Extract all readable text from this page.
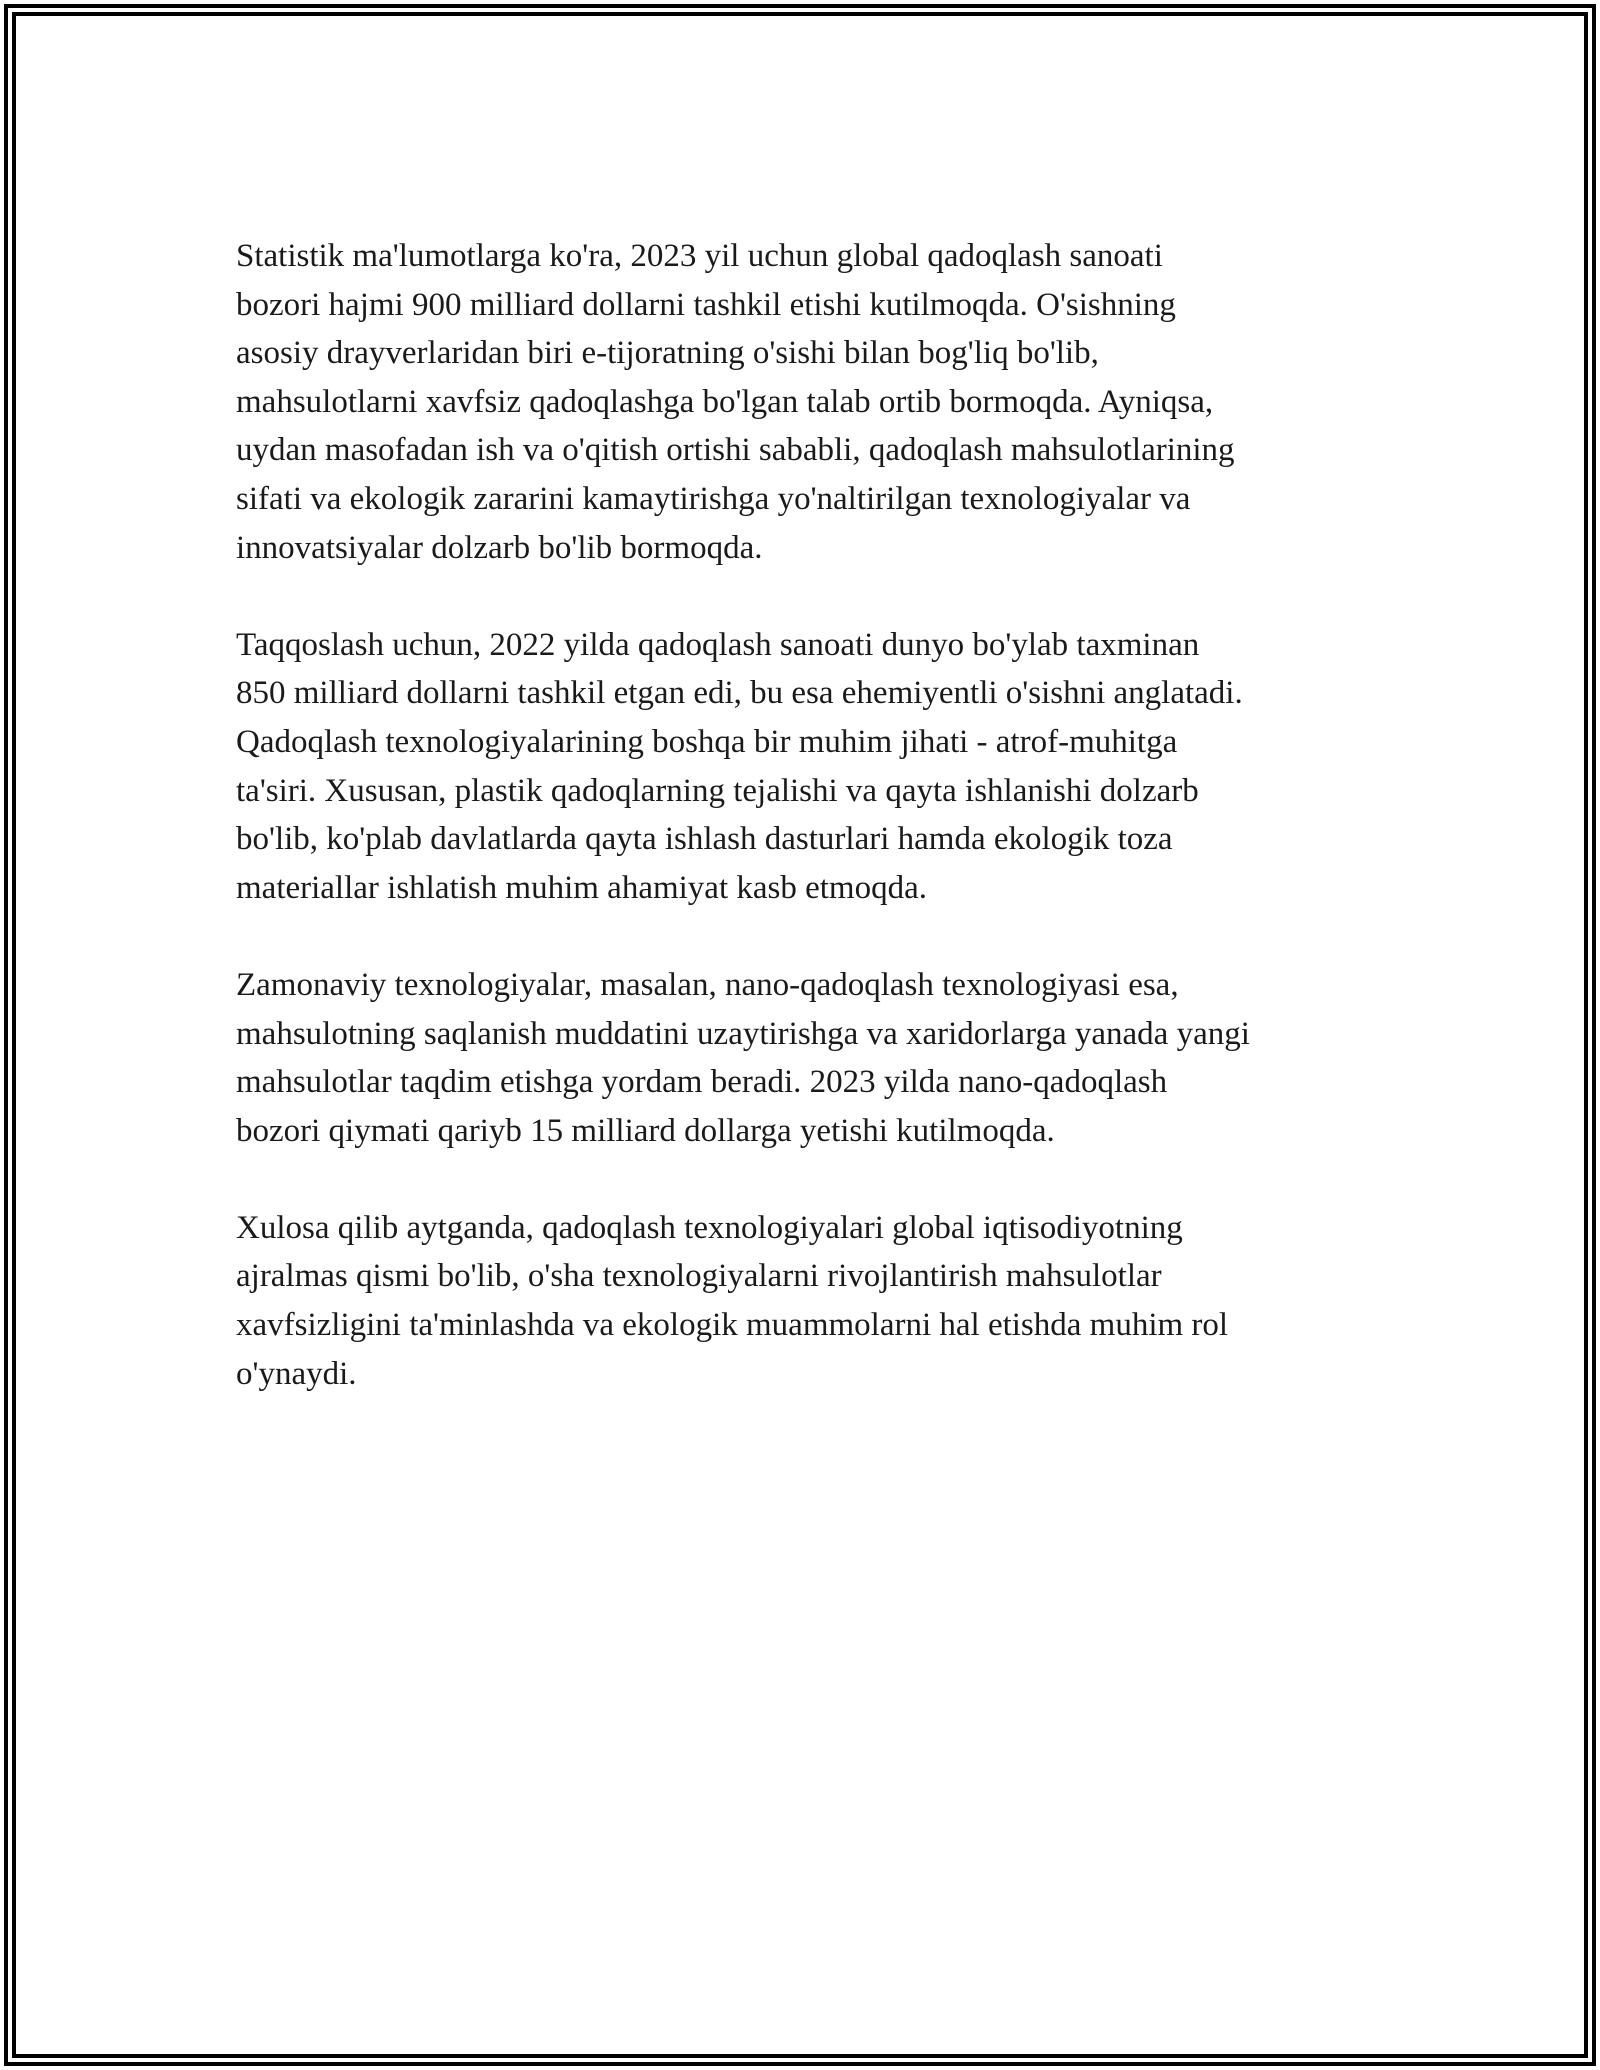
Statistik ma'lumotlarga ko'ra, 2023 yil uchun global qadoqlash sanoati
bozori hajmi 900 milliard dollarni tashkil etishi kutilmoqda. O'sishning
asosiy drayverlaridan biri e-tijoratning o'sishi bilan bog'liq bo'lib,
mahsulotlarni xavfsiz qadoqlashga bo'lgan talab ortib bormoqda. Ayniqsa,
uydan masofadan ish va o'qitish ortishi sababli, qadoqlash mahsulotlarining
sifati va ekologik zararini kamaytirishga yo'naltirilgan texnologiyalar va
innovatsiyalar dolzarb bo'lib bormoqda.

Taqqoslash uchun, 2022 yilda qadoqlash sanoati dunyo bo'ylab taxminan
850 milliard dollarni tashkil etgan edi, bu esa ehemiyentli o'sishni anglatadi.
Qadoqlash texnologiyalarining boshqa bir muhim jihati - atrof-muhitga
ta'siri. Xususan, plastik qadoqlarning tejalishi va qayta ishlanishi dolzarb
bo'lib, ko'plab davlatlarda qayta ishlash dasturlari hamda ekologik toza
materiallar ishlatish muhim ahamiyat kasb etmoqda.

Zamonaviy texnologiyalar, masalan, nano-qadoqlash texnologiyasi esa,
mahsulotning saqlanish muddatini uzaytirishga va xaridorlarga yanada yangi
mahsulotlar taqdim etishga yordam beradi. 2023 yilda nano-qadoqlash
bozori qiymati qariyb 15 milliard dollarga yetishi kutilmoqda.

Xulosa qilib aytganda, qadoqlash texnologiyalari global iqtisodiyotning
ajralmas qismi bo'lib, o'sha texnologiyalarni rivojlantirish mahsulotlar
xavfsizligini ta'minlashda va ekologik muammolarni hal etishda muhim rol
o'ynaydi.
